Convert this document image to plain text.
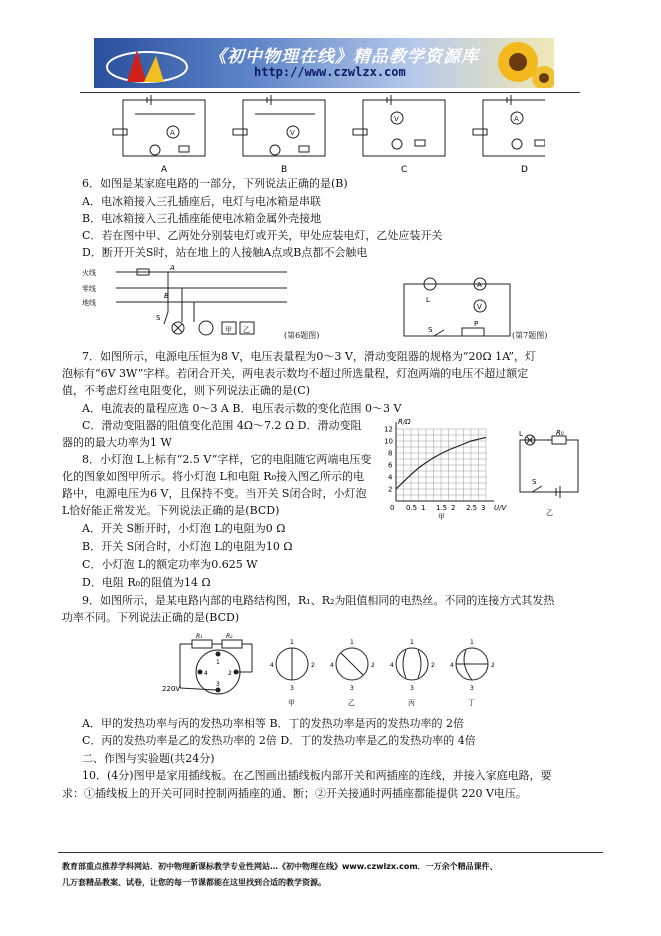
《初中物理在线》精品教学资源库
http://www.czwlzx.com
A	V
V	A
A	B	C	D
6．如图是某家庭电路的一部分，下列说法正确的是(B)
A．电冰箱接入三孔插座后，电灯与电冰箱是串联
B．电冰箱接入三孔插座能使电冰箱金属外壳接地
C．若在图中甲、乙两处分别装电灯或开关，甲处应装电灯，乙处应装开关
D．断开开关S时，站在地上的人接触A点或B点都不会触电
火线
零线
地线
A
B
S
甲 乙
(第6题图)
L
A
V
S
P
(第7题图)
7．如图所示，电源电压恒为8 V，电压表量程为0～3 V，滑动变阻器的规格为“20Ω 1A”，灯
泡标有“6V 3W”字样。若闭合开关，两电表示数均不超过所选量程，灯泡两端的电压不超过额定
值，不考虑灯丝电阻变化，则下列说法正确的是(C)
A．电流表的量程应选 0～3 A B．电压表示数的变化范围 0～3 V
C．滑动变阻器的阻值变化范围 4Ω～7.2 Ω D．滑动变阻
器的的最大功率为1 W
8．小灯泡 L上标有“2.5 V”字样，它的电阻随它两端电压变
化的图象如图甲所示。将小灯泡 L和电阻 R₀接入图乙所示的电
路中，电源电压为6 V，且保持不变。当开关 S闭合时，小灯泡
L恰好能正常发光。下列说法正确的是(BCD)
A．开关 S断开时，小灯泡 L的电阻为0 Ω
B．开关 S闭合时，小灯泡 L的电阻为10 Ω
C．小灯泡 L的额定功率为0.625 W
D．电阻 R₀的阻值为14 Ω
0.5 1 1.5 2 2.5 3
2
4
6
8
10
12
0
R/Ω
U/V
甲
L	R₀
S
乙
9．如图所示，是某电路内部的电路结构图，R₁、R₂为阻值相同的电热丝。不同的连接方式其发热
功率不同。下列说法正确的是(BCD)
R₁	R₂
220V
1
2
3
4
1
4	2
3
甲
1
4	2
3
乙
1
4	2
3
丙
1
4	2
3
丁
A．甲的发热功率与丙的发热功率相等 B．丁的发热功率是丙的发热功率的 2倍
C．丙的发热功率是乙的发热功率的 2倍 D．丁的发热功率是乙的发热功率的 4倍
二、作图与实验题(共24分)
10．(4分)图甲是家用插线板。在乙图画出插线板内部开关和两插座的连线，并接入家庭电路，要
求：①插线板上的开关可同时控制两插座的通、断；②开关接通时两插座都能提供 220 V电压。
教育部重点推荐学科网站．初中物理新课标教学专业性网站…《初中物理在线》www.czwlzx.com．一万余个精品课件、
几万套精品教案、试卷，让您的每一节课都能在这里找到合适的教学资源。
